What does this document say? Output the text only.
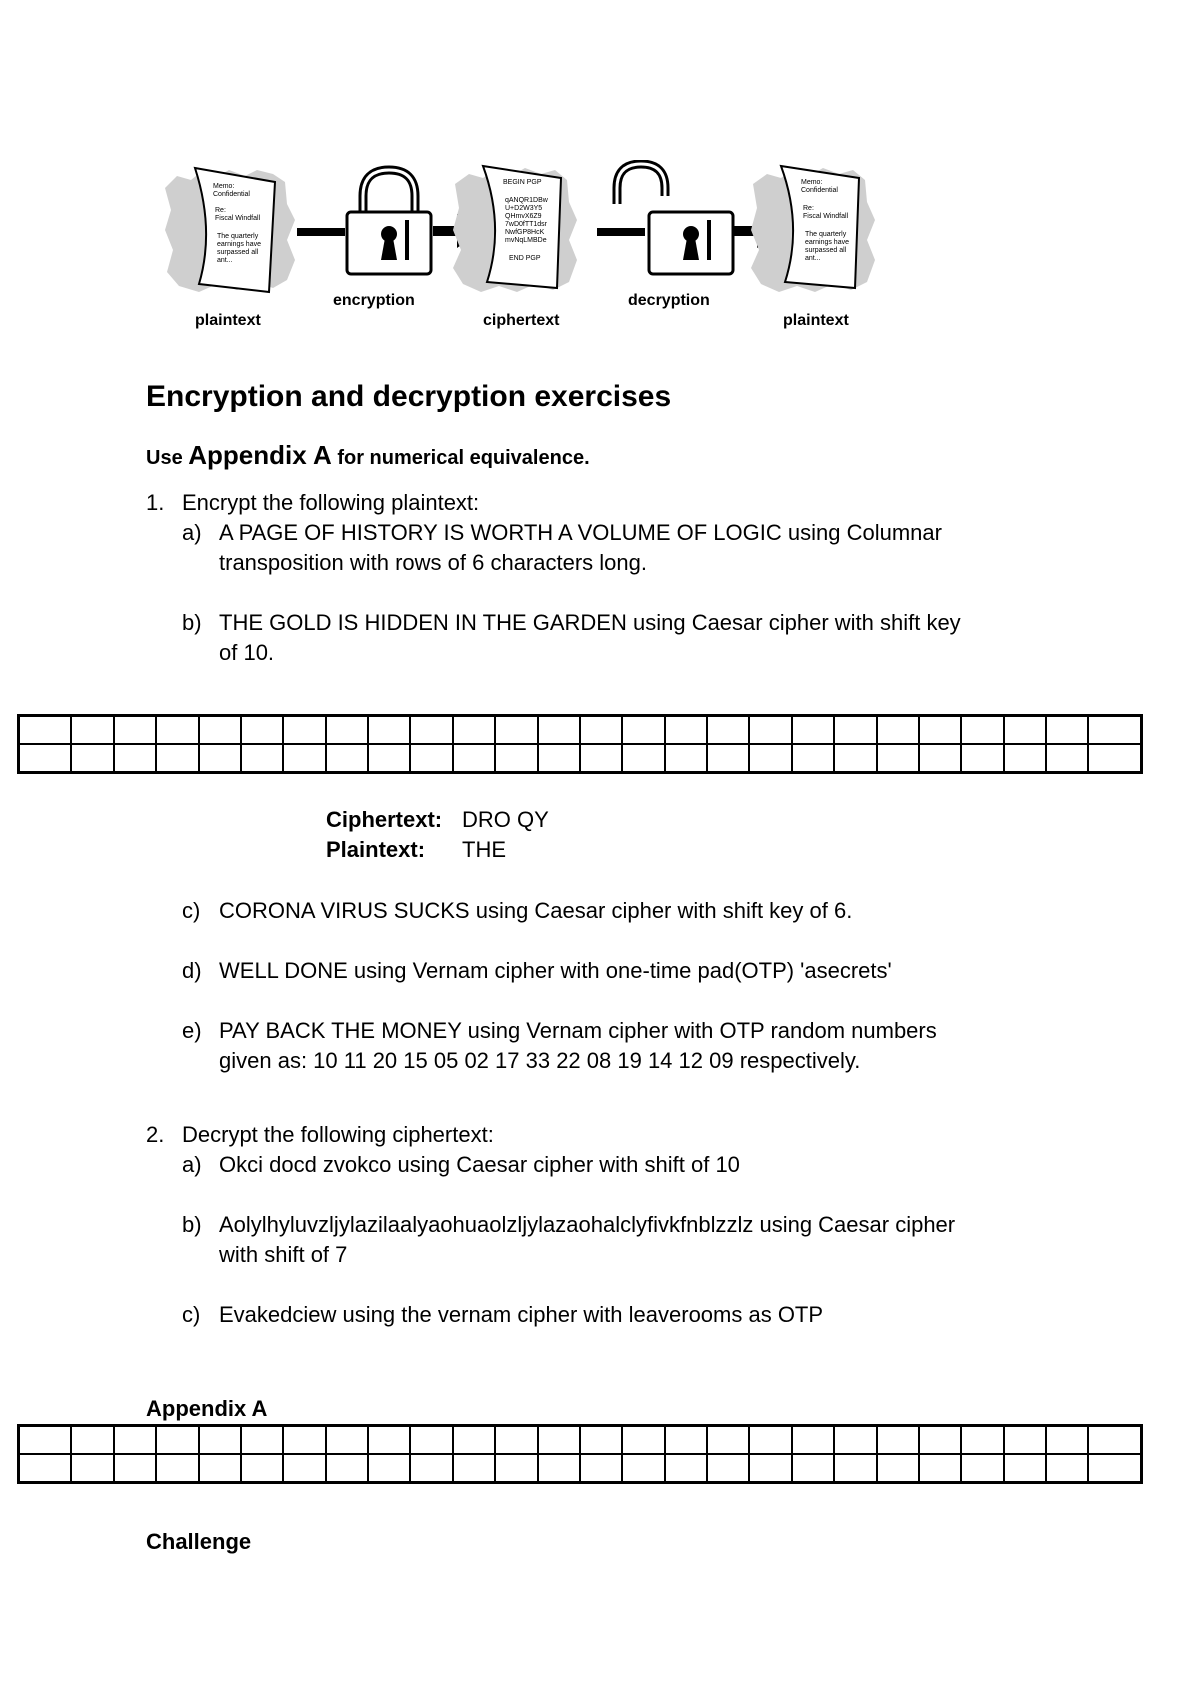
Memo:
Confidential
Re:
Fiscal Windfall
The quarterly
earnings have
surpassed all
ant...
BEGIN PGP
qANQR1DBw
U+D2W3Y5
QHmvX6Z9
7wD0fTT1dsr
NwfGP8HcK
mvNqLMBDe
END PGP
Memo:
Confidential
Re:
Fiscal Windfall
The quarterly
earnings have
surpassed all
ant...
plaintext
encryption
ciphertext
decryption
plaintext
Encryption and decryption exercises
Use Appendix A for numerical equivalence.
1. Encrypt the following plaintext:
a) A PAGE OF HISTORY IS WORTH A VOLUME OF LOGIC using Columnar
transposition with rows of 6 characters long.
b) THE GOLD IS HIDDEN IN THE GARDEN using Caesar cipher with shift key
of 10.

Ciphertext: DRO QY
Plaintext: THE
c) CORONA VIRUS SUCKS using Caesar cipher with shift key of 6.
d) WELL DONE using Vernam cipher with one-time pad(OTP) 'asecrets'
e) PAY BACK THE MONEY using Vernam cipher with OTP random numbers
given as: 10 11 20 15 05 02 17 33 22 08 19 14 12 09 respectively.
2. Decrypt the following ciphertext:
a) Okci docd zvokco using Caesar cipher with shift of 10
b) Aolylhyluvzljylazilaalyaohuaolzljylazaohalclyfivkfnblzzlz using Caesar cipher
with shift of 7
c) Evakedciew using the vernam cipher with leaverooms as OTP
Appendix A

Challenge
